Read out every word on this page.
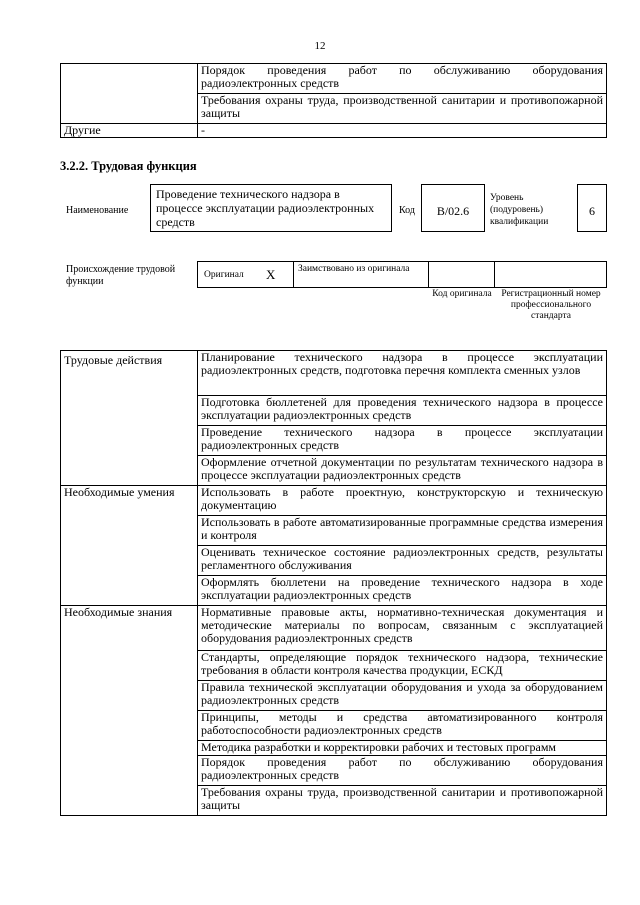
12
	Порядок проведения работ по обслуживанию оборудования радиоэлектронных средств
	Требования охраны труда, производственной санитарии и противопожарной защиты
Другие	-
3.2.2. Трудовая функция
Наименование
Проведение технического надзора в процессе эксплуатации радиоэлектронных средств
Код	В/02.6
Уровень (подуровень) квалификации
6
Происхождение трудовой функции
Оригинал X Заимствовано из оригинала
Код оригинала	Регистрационный номер профессионального стандарта
Трудовые действия	Планирование технического надзора в процессе эксплуатации радиоэлектронных средств, подготовка перечня комплекта сменных узлов
	Подготовка бюллетеней для проведения технического надзора в процессе эксплуатации радиоэлектронных средств
	Проведение технического надзора в процессе эксплуатации радиоэлектронных средств
	Оформление отчетной документации по результатам технического надзора в процессе эксплуатации радиоэлектронных средств
Необходимые умения	Использовать в работе проектную, конструкторскую и техническую документацию
	Использовать в работе автоматизированные программные средства измерения и контроля
	Оценивать техническое состояние радиоэлектронных средств, результаты регламентного обслуживания
	Оформлять бюллетени на проведение технического надзора в ходе эксплуатации радиоэлектронных средств
Необходимые знания	Нормативные правовые акты, нормативно-техническая документация и методические материалы по вопросам, связанным с эксплуатацией оборудования радиоэлектронных средств
	Стандарты, определяющие порядок технического надзора, технические требования в области контроля качества продукции, ЕСКД
	Правила технической эксплуатации оборудования и ухода за оборудованием радиоэлектронных средств
	Принципы, методы и средства автоматизированного контроля работоспособности радиоэлектронных средств
	Методика разработки и корректировки рабочих и тестовых программ
	Порядок проведения работ по обслуживанию оборудования радиоэлектронных средств
	Требования охраны труда, производственной санитарии и противопожарной защиты
